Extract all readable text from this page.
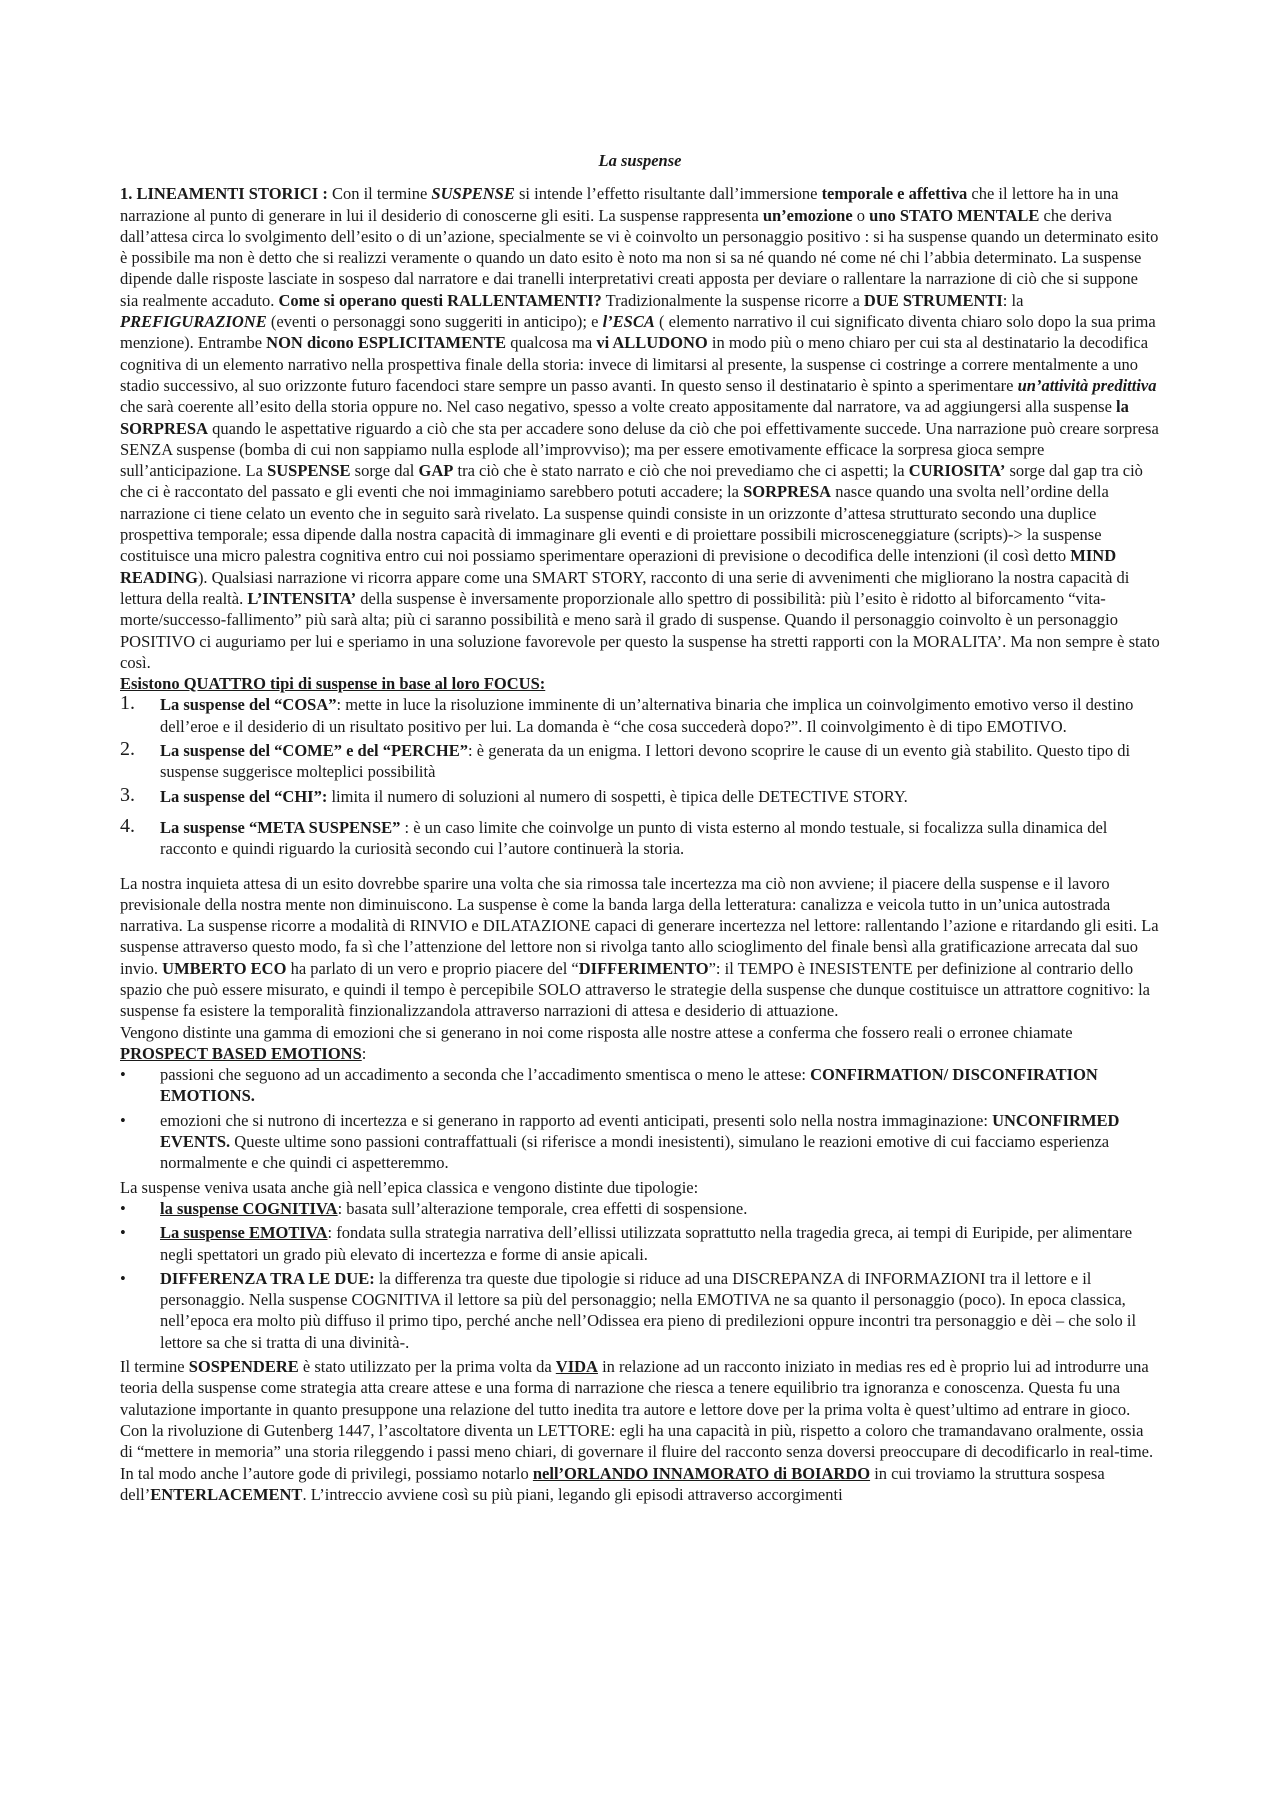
La suspense

1. LINEAMENTI STORICI : Con il termine SUSPENSE si intende l’effetto risultante dall’immersione temporale e affettiva che il lettore ha in una narrazione al punto di generare in lui il desiderio di conoscerne gli esiti. La suspense rappresenta un’emozione o uno STATO MENTALE che deriva dall’attesa circa lo svolgimento dell’esito o di un’azione, specialmente se vi è coinvolto un personaggio positivo : si ha suspense quando un determinato esito è possibile ma non è detto che si realizzi veramente o quando un dato esito è noto ma non si sa né quando né come né chi l’abbia determinato. La suspense dipende dalle risposte lasciate in sospeso dal narratore e dai tranelli interpretativi creati apposta per deviare o rallentare la narrazione di ciò che si suppone sia realmente accaduto. Come si operano questi RALLENTAMENTI? Tradizionalmente la suspense ricorre a DUE STRUMENTI: la PREFIGURAZIONE (eventi o personaggi sono suggeriti in anticipo); e l’ESCA ( elemento narrativo il cui significato diventa chiaro solo dopo la sua prima menzione). Entrambe NON dicono ESPLICITAMENTE qualcosa ma vi ALLUDONO in modo più o meno chiaro per cui sta al destinatario la decodifica cognitiva di un elemento narrativo nella prospettiva finale della storia: invece di limitarsi al presente, la suspense ci costringe a correre mentalmente a uno stadio successivo, al suo orizzonte futuro facendoci stare sempre un passo avanti. In questo senso il destinatario è spinto a sperimentare un’attività predittiva che sarà coerente all’esito della storia oppure no. Nel caso negativo, spesso a volte creato appositamente dal narratore, va ad aggiungersi alla suspense la SORPRESA quando le aspettative riguardo a ciò che sta per accadere sono deluse da ciò che poi effettivamente succede. Una narrazione può creare sorpresa SENZA suspense (bomba di cui non sappiamo nulla esplode all’improvviso); ma per essere emotivamente efficace la sorpresa gioca sempre sull’anticipazione. La SUSPENSE sorge dal GAP tra ciò che è stato narrato e ciò che noi prevediamo che ci aspetti; la CURIOSITA’ sorge dal gap tra ciò che ci è raccontato del passato e gli eventi che noi immaginiamo sarebbero potuti accadere; la SORPRESA nasce quando una svolta nell’ordine della narrazione ci tiene celato un evento che in seguito sarà rivelato. La suspense quindi consiste in un orizzonte d’attesa strutturato secondo una duplice prospettiva temporale; essa dipende dalla nostra capacità di immaginare gli eventi e di proiettare possibili microsceneggiature (scripts)-> la suspense costituisce una micro palestra cognitiva entro cui noi possiamo sperimentare operazioni di previsione o decodifica delle intenzioni (il così detto MIND READING). Qualsiasi narrazione vi ricorra appare come una SMART STORY, racconto di una serie di avvenimenti che migliorano la nostra capacità di lettura della realtà. L’INTENSITA’ della suspense è inversamente proporzionale allo spettro di possibilità: più l’esito è ridotto al biforcamento “vita-morte/successo-fallimento” più sarà alta; più ci saranno possibilità e meno sarà il grado di suspense. Quando il personaggio coinvolto è un personaggio POSITIVO ci auguriamo per lui e speriamo in una soluzione favorevole per questo la suspense ha stretti rapporti con la MORALITA’. Ma non sempre è stato così.

Esistono QUATTRO tipi di suspense in base al loro FOCUS:

1. La suspense del “COSA”: mette in luce la risoluzione imminente di un’alternativa binaria che implica un coinvolgimento emotivo verso il destino dell’eroe e il desiderio di un risultato positivo per lui. La domanda è “che cosa succederà dopo?”. Il coinvolgimento è di tipo EMOTIVO.
2. La suspense del “COME” e del “PERCHE”: è generata da un enigma. I lettori devono scoprire le cause di un evento già stabilito. Questo tipo di suspense suggerisce molteplici possibilità
3. La suspense del “CHI”: limita il numero di soluzioni al numero di sospetti, è tipica delle DETECTIVE STORY.
4. La suspense “META SUSPENSE” : è un caso limite che coinvolge un punto di vista esterno al mondo testuale, si focalizza sulla dinamica del racconto e quindi riguardo la curiosità secondo cui l’autore continuerà la storia.

La nostra inquieta attesa di un esito dovrebbe sparire una volta che sia rimossa tale incertezza ma ciò non avviene; il piacere della suspense e il lavoro previsionale della nostra mente non diminuiscono. La suspense è come la banda larga della letteratura: canalizza e veicola tutto in un’unica autostrada narrativa. La suspense ricorre a modalità di RINVIO e DILATAZIONE capaci di generare incertezza nel lettore: rallentando l’azione e ritardando gli esiti. La suspense attraverso questo modo, fa sì che l’attenzione del lettore non si rivolga tanto allo scioglimento del finale bensì alla gratificazione arrecata dal suo invio. UMBERTO ECO ha parlato di un vero e proprio piacere del “DIFFERIMENTO”: il TEMPO è INESISTENTE per definizione al contrario dello spazio che può essere misurato, e quindi il tempo è percepibile SOLO attraverso le strategie della suspense che dunque costituisce un attrattore cognitivo: la suspense fa esistere la temporalità finzionalizzandola attraverso narrazioni di attesa e desiderio di attuazione.

Vengono distinte una gamma di emozioni che si generano in noi come risposta alle nostre attese a conferma che fossero reali o erronee chiamate PROSPECT BASED EMOTIONS:

• passioni che seguono ad un accadimento a seconda che l’accadimento smentisca o meno le attese: CONFIRMATION/ DISCONFIRATION EMOTIONS.
• emozioni che si nutrono di incertezza e si generano in rapporto ad eventi anticipati, presenti solo nella nostra immaginazione: UNCONFIRMED EVENTS. Queste ultime sono passioni contraffattuali (si riferisce a mondi inesistenti), simulano le reazioni emotive di cui facciamo esperienza normalmente e che quindi ci aspetteremmo.

La suspense veniva usata anche già nell’epica classica e vengono distinte due tipologie:

• la suspense COGNITIVA: basata sull’alterazione temporale, crea effetti di sospensione.
• La suspense EMOTIVA: fondata sulla strategia narrativa dell’ellissi utilizzata soprattutto nella tragedia greca, ai tempi di Euripide, per alimentare negli spettatori un grado più elevato di incertezza e forme di ansie apicali.
• DIFFERENZA TRA LE DUE: la differenza tra queste due tipologie si riduce ad una DISCREPANZA di INFORMAZIONI tra il lettore e il personaggio. Nella suspense COGNITIVA il lettore sa più del personaggio; nella EMOTIVA ne sa quanto il personaggio (poco). In epoca classica, nell’epoca era molto più diffuso il primo tipo, perché anche nell’Odissea era pieno di predilezioni oppure incontri tra personaggio e dèi – che solo il lettore sa che si tratta di una divinità-.

Il termine SOSPENDERE è stato utilizzato per la prima volta da VIDA in relazione ad un racconto iniziato in medias res ed è proprio lui ad introdurre una teoria della suspense come strategia atta creare attese e una forma di narrazione che riesca a tenere equilibrio tra ignoranza e conoscenza. Questa fu una valutazione importante in quanto presuppone una relazione del tutto inedita tra autore e lettore dove per la prima volta è quest’ultimo ad entrare in gioco. Con la rivoluzione di Gutenberg 1447, l’ascoltatore diventa un LETTORE: egli ha una capacità in più, rispetto a coloro che tramandavano oralmente, ossia di “mettere in memoria” una storia rileggendo i passi meno chiari, di governare il fluire del racconto senza doversi preoccupare di decodificarlo in real-time. In tal modo anche l’autore gode di privilegi, possiamo notarlo nell’ORLANDO INNAMORATO di BOIARDO in cui troviamo la struttura sospesa dell’ENTERLACEMENT. L’intreccio avviene così su più piani, legando gli episodi attraverso accorgimenti
